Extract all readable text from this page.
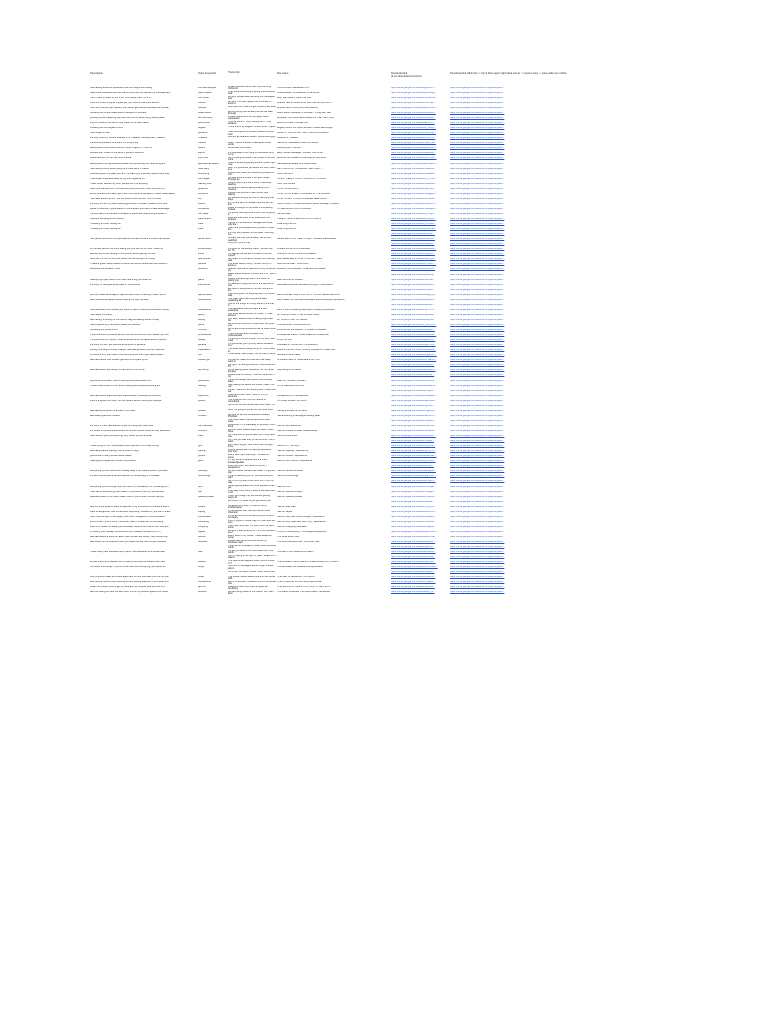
Description	Topic Keywords	Transcript	File name	Download link
(if not download instruction
Download link (click link -> top 3 dots upper right hand corner -> send a copy -> save video on mobile
Tate talking about an expensive coat he bought and flexing	the coat designer	Is bad. Fellows had to ride. Call me King Cobra for	TATE RULES CELEBRATION	https://drive.google.com/file/d/1gqz4i573...	https://drive.google.com/file/d/1Pf0f-ql3pFdoQk4F...
Islams are obsessed with sex that will just help me spread my message and	islam religion	They know everything is going tremendously well	A MESSAGE TO ANDREW TATE FANS	https://drive.google.com/file/d/1lfpx4a9Q8...	https://drive.google.com/file/d/1Pf0f-ql3pFdoQk4F...
I don't want to listen up my shirt, I'm Andrew Tate, I'm a G	shirt duvet	All right, people keep sending me messages and	Way Tate doesn't button his shirt	https://drive.google.com/file/d/1H4B3kx4b...	https://drive.google.com/file/d/1Pf0f-ql3pFdoQk4F...
there's no such thing as a great girl, you have to build you women	women	All right, I've been asked this a minute. Is there a	Andrew Tate on Good Girls, and how can you find h	https://drive.google.com/file/d/1rFvRXq2...	https://drive.google.com/file/d/1Pf0f-ql3pFdoQk4F...
men don't women get married, they either get married because the woman	married	Well men don't want to get married men want Andrew Tate on Why Men Get Married	https://drive.google.com/file/d/1a6nmr3nk...	https://drive.google.com/file/d/1Pf0f-ql3pFdoQk4F...
checking out a new Israel Martin Vanquish 8 Ultimate	Israel Martin	We're moving into actually we did we walk through	Aston Martin Vanquish S Ultimate - V-Log with Tate	https://drive.google.com/file/d/1b0KxeR3...	https://drive.google.com/file/d/1Pf0f-ql3pFdoQk4F...
growing up and realizing that men are not the same thing, adding team	self discovery	Product placement but you guys never experience	BIGGEST MISTAKE MEN MAKE AS THEY GET OLD	https://drive.google.com/file/d/1KKd3hBI...	https://drive.google.com/file/d/1Pf0f-ql3pFdoQk4F...
they've a best prime done, they made her a foam sword	prime done	They've done it. They fucking did it. They deserve	Bend to Pursuit - Female GIF	https://drive.google.com/file/d/1aw6Vt7r...	https://drive.google.com/file/d/1Pf0f-ql3pFdoQk4F...
checking out the Bugatti Chiron	Bugatti	There she is by Bugatti. Chiron sport. It goes Bugatti Chiron Pur Sport Review - Listed Jaw-Droppi	https://drive.google.com/file/d/1xo_BhpQ...	https://drive.google.com/file/d/1Pf0f-ql3pFdoQk4F...
Tate bought a man	girlfriend	I want everyone on should pretend to know man	BUGATTI FUR SPORT SPOTTED IN ROMANIA	https://drive.google.com/file/d/1FS2z8Bb...	https://drive.google.com/file/d/1Pf0f-ql3pFdoQk4F...
the only country I remain solitude in is Thailand, I actually like Thailand	Thailand	Women go beautiful hearts. Sometimes guys Solitude in Thailand	https://drive.google.com/file/d/13HfvVT4...	https://drive.google.com/file/d/1Pf0f-ql3pFdoQk4F...
Celsius temperature is a scam, It's a big thing	Celsius	Okay. That is a waste to talk about those some	CELSIUS TEMPERATURE IS A SCAM	https://drive.google.com/file/d/1Cfjlaz_oa...	https://drive.google.com/file/d/1Pf0f-ql3pFdoQk4F...
talking about how boxers count on their fingers (7, 2 and 5)	boxers	What does this mean?	Counting with Thumbs	https://drive.google.com/file/d/1kBbmP2V...	https://drive.google.com/file/d/1Pf0f-ql3pFdoQk4F...
Andrew and Tristan in the airport, going to Mexcino	airport	It's supposed to be flying to Bucharest Why is my	Early Sunset Massage - Limited Time ONLY	https://drive.google.com/file/d/1RdIk9zqf...	https://drive.google.com/file/d/1Pf0f-ql3pFdoQk4F...
Advertisement for the free mind course	free mind	So I'm going to present the virtues of an free mind	Become the Greatest At Develop an free Mind	https://drive.google.com/file/d/1bxL9YBm...	https://drive.google.com/file/d/1Pf0f-ql3pFdoQk4F...
talking about the generational wealth and protecting the future program	generational wealth	There's something going around Twitter right now	Generational Wealth is a Stupid Goal	https://drive.google.com/file/d/1eRnMwPe...	https://drive.google.com/file/d/1Pf0f-ql3pFdoQk4F...
Tate telling a story about going to a nude party in france	nude party	Well, I'm gonna tell you about the time I went to a	GETTING LOST IN FRENCH SEX PARTY	https://drive.google.com/file/d/1Tu6ks2Kr...	https://drive.google.com/file/d/1Pf0f-ql3pFdoQk4F...
Kickboxing will not make you rich, it'll teach you important lessons and help	kickboxing	People often ask me if kickboxing made me rich	How I Got Rich	https://drive.google.com/file/d/1CkbDkEs...	https://drive.google.com/file/d/1Pf0f-ql3pFdoQk4F...
I had a part underestimated by my first bugatti at 19	first bugatti	So your work and didn't you just bought through go	HOW IT FEELS TO BUY A BUGATTI CHIRON	https://drive.google.com/file/d/1b_lr_VrXa...	https://drive.google.com/file/d/1Pf0f-ql3pFdoQk4F...
I have never wanted my time, people don't do anything	wasting time	I didn't expect you there sorry I was busy dealing	How Time Works	https://drive.google.com/file/d/1Cw9fd3kH...	https://drive.google.com/file/d/1Pf0f-ql3pFdoQk4F...
when you feel like shit, it's a warning that you're life is shit and you're a	pessimist	So almost I started talking exactly from viewers	HOW TO BE HAPPY	https://drive.google.com/file/d/1Qwd6Tcj...	https://drive.google.com/file/d/1Pf0f-ql3pFdoQk4F...
all the problems we have right now in the world is because of mass manipulation	problems	I guess that you don't want prove your beauty	HOW TO FIX EVERY PROBLEM IN THE WORLD	https://drive.google.com/file/d/1mrZqg2p4...	https://drive.google.com/file/d/1Pf0f-ql3pFdoQk4F...
Tate talks about the first "the the desert miss the one" from a movie	top	My favorite song of all time is that song that says	HOW TO GET YOURS IS DEVERSEED BACK	https://drive.google.com/file/d/1xGfr5MRt...	https://drive.google.com/file/d/1Pf0f-ql3pFdoQk4F...
the story of how my sister parking got stolen in london, Naldon is the new	london	In my cars were a mistake they are we run this	How to HACK + STEAL an Aston Martin Vantage - London	https://drive.google.com/file/d/1mM4KqTv...	https://drive.google.com/file/d/1Pf0f-ql3pFdoQk4F...
Dollar is invented, hyperinflation is coming and you have to take advantage	Zimbabwe	Dollar is thought is the dollar is completely fucked	HYPERINFLATION IS COMING	https://drive.google.com/file/d/1HDb9gGu...	https://drive.google.com/file/d/1Pf0f-ql3pFdoQk4F...
I almost died in an accident because a stupid idiot was driving a lerser in	car chase	I'm gonna call Morphius a hero. We're going in	I almost died	https://drive.google.com/file/d/1s_r0Tgr8...	https://drive.google.com/file/d/1Pf0f-ql3pFdoQk4F...
buying a Lamborghini at modern	Lamborghini	Look at email there is an attachment Mr. Andrew	I SPENT HALF A MILLION IN 10 HOURS	https://drive.google.com/file/d/1BufVeQ3...	https://drive.google.com/file/d/1Pf0f-ql3pFdoQk4F...
Travelling to india, having fun	india	I let go in the business manager and what why are	India Vlog Part #1	https://drive.google.com/file/d/1jTnPGsw...	https://drive.google.com/file/d/1Pf0f-ql3pFdoQk4F...
Travelling to india, having fun	india	Yeah, are you pleased with yourself to meet the	India Vlog Part #2	https://drive.google.com/file/d/1p0Ksw4a...	https://drive.google.com/file/d/1Pf0f-ql3pFdoQk4F...
It's only too possible not the least I sobbing me	https://drive.google.com/file/d/1BhzL5m...	https://drive.google.com/file/d/1Pf0f-ql3pFdoQk4F...
I am james bond and I've just watched the last one and it's clear that people	james bond	Actually we now you actually. We've just watched	James Bond - NO TIME TO DIE - HIDDEN MESSAGES	https://drive.google.com/file/d/1emDOl3...	https://drive.google.com/file/d/1Pf0f-ql3pFdoQk4F...
Why don't you to buy	https://drive.google.com/file/d/1dKk2Bn...	https://drive.google.com/file/d/1Pf0f-ql3pFdoQk4F...
for the last person out there telling you you can be rich and I need my	entrepreneur	It's gone for somebody, likely. You are free on. To	JAMES BOND IS IN UKRAINE	https://drive.google.com/file/d/1bdUeGGt...	https://drive.google.com/file/d/1Pf0f-ql3pFdoQk4F...
late and pre exotic talking on the phone, about getting him out	exotic	I'm saying that we are no video to remind myself	JOE EXOTIC AT BOMB PROBLEMS	https://drive.google.com/file/d/16I0Q2Pr...	https://drive.google.com/file/d/1Pf0f-ql3pFdoQk4F...
wow feel I'm not, no one can name me real woman for money	real woman	No, yeah, it's cool about money but. Nobody real	MAN LEARNED & HOW TO AVOID THEM	https://drive.google.com/file/d/1wCBnQd...	https://drive.google.com/file/d/1Pf0f-ql3pFdoQk4F...
I make a great million dollars a month and some people are still trained in	political	You know what's funny? What's funny is I know a	MAKING MONEY VISUS ART	https://drive.google.com/file/d/1R7HbnrH...	https://drive.google.com/file/d/1Pf0f-ql3pFdoQk4F...
reviewing the McLaren 720s	McLaren	Andrew Tate Mirror Welcome to my turned on my	McLaren 720S Review - ONE BIG PROBLEM	https://drive.google.com/file/d/1e1Rm3P...	https://drive.google.com/file/d/1Pf0f-ql3pFdoQk4F...
Make speed whether. 20,000 just on it. We're just	https://drive.google.com/file/d/1aS8Fmq...	https://drive.google.com/file/d/1Pf0f-ql3pFdoQk4F...
making a girl pay have to the man beta thing you could be	game	Money that were gonna on the table I'm giving you	MEN will Pay for Dollars	https://drive.google.com/file/d/1rb0z5Sk...	https://drive.google.com/file/d/1Pf0f-ql3pFdoQk4F...
the story of Tate getting arrested in Transnistria	transnistria	I'm talking to a guy fat hell of the day and in rest	Millionaire kickboxer arrested at a spy in Transnistria	https://drive.google.com/file/d/1IdaS3hZ...	https://drive.google.com/file/d/1Pf0f-ql3pFdoQk4F...
We seen it being two of the four corners of the	https://drive.google.com/file/d/1PeQ4lA...	https://drive.google.com/file/d/1Pf0f-ql3pFdoQk4F...
you don't take advantage of opportunities, and I'm willing to teach you a	opportunities	Hello everyone. It's amazing with my coffee. I was	MILLIONAIRE TELLS YOU WHY YOU'LL NEVER BE RICH	https://drive.google.com/file/d/1L3ajyu_lq...	https://drive.google.com/file/d/1Pf0f-ql3pFdoQk4F...
tate motivational speech about having the right mindset	motivational	The main ones that bring about easy regarding all	Mind Hacks for Unlimited Motivation and Destroying Depression	https://drive.google.com/file/d/1ul3xGpG...	https://drive.google.com/file/d/1Pf0f-ql3pFdoQk4F...
One of the things it's funny about is but that is	https://drive.google.com/file/d/1dM2s0b...	https://drive.google.com/file/d/1Pf0f-ql3pFdoQk4F...
Tate discusses the mindset you need to have to become successful, being	motivational	The templates that you want are two examples	Mind Tricks to Beating Depression & Being Successful	https://drive.google.com/file/d/1Se7PTro...	https://drive.google.com/file/d/1Pf0f-ql3pFdoQk4F...
Tate reads the poetry	poetry	You know almost whoso on those "If I was about a	Mr. Poetry to Bliss - How to Write Poetry	https://drive.google.com/file/d/1bg6Ua80...	https://drive.google.com/file/d/1Pf0f-ql3pFdoQk4F...
tate flexing, throwing off his custom bag and talking about his day	flexing	You won't believe what is taking nightmare. So	MY WORST DAY IN YEARS	https://drive.google.com/file/d/1pFe0yJ4...	https://drive.google.com/file/d/1Pf0f-ql3pFdoQk4F...
Tate explains why the police raided his mansion	police	Let's just do a little bit of work with this yeah you	POLICE RAID TATE MANSION	https://drive.google.com/file/d/1_9cFmVn...	https://drive.google.com/file/d/1Pf0f-ql3pFdoQk4F...
reviewing the porsche 911	Porsche	We're gonna do something we've never done on	Porsche 911 RS Review - A HUGE PROBLEM	https://drive.google.com/file/d/1l4NfwLX...	https://drive.google.com/file/d/1Pf0f-ql3pFdoQk4F...
if you become a professional your life will become so much easier, join RG	professional	There's a difference between film professionals	Professional Killers - What Makes a Professional	https://drive.google.com/file/d/1MxLp2Dk...	https://drive.google.com/file/d/1Pf0f-ql3pFdoQk4F...
I'm gonna correct myself, I was an athlete and I've talked about it before	budget	I'm going to correct myself. It's not very often I say	Proof Per Car	https://drive.google.com/file/d/1gsdv-nm...	https://drive.google.com/file/d/1Pf0f-ql3pFdoQk4F...
the story of how I got referred at gunpoint in jamaica	jamaica	I'm gonna tell you my story about Jamaica. I've	ROBBED AT GUNPOINT IN JAMAICA	https://drive.google.com/file/d/1cgsCTz4...	https://drive.google.com/file/d/1Pf0f-ql3pFdoQk4F...
flexing, showing off luxury lifestyle, tate talking about how the rules are	cuadrilatero	You know what's really funny is? I don't want to	Rules of the Rich Poor - Luxury Lifestyle & Private Jets	https://drive.google.com/file/d/1KrFaU1w...	https://drive.google.com/file/d/1Pf0f-ql3pFdoQk4F...
to become rich, you need to surround yourself with high value people	rich	I think what I was today. I do so much money Secrets to Blink Value	https://drive.google.com/file/d/1MhgkU5H...	https://drive.google.com/file/d/1Pf0f-ql3pFdoQk4F...
tate talks about how shower gels are a complete rip off	shower gel	It's hard to make the business that really want to	SHOWER GEL IS TERRIBLE FOR YOU	https://drive.google.com/file/d/1DVTaeV3...	https://drive.google.com/file/d/1Pf0f-ql3pFdoQk4F...
Do right, I'm acting a little bit. I feel a little bit. It's	https://drive.google.com/file/d/1A0e8Ld...	https://drive.google.com/file/d/1Pf0f-ql3pFdoQk4F...
tate talks about sky diving, it's and and it's for nerds	sky diving	We're talking about skydiving. So I've never jumped	Sky Diving is for Nerds	https://drive.google.com/file/d/1kRuhL0J...	https://drive.google.com/file/d/1Pf0f-ql3pFdoQk4F...
Spoke! Want a money. I cannot remember if my	https://drive.google.com/file/d/1Sr2hQk...	https://drive.google.com/file/d/1Pf0f-ql3pFdoQk4F...
sportsman is a scam, there's nothing admirable about him	sportsman	If you fear always and never loss a buddy when	Stan NO HONEST MONEY	https://drive.google.com/file/d/1xpPbL1q...	https://drive.google.com/file/d/1Pf0f-ql3pFdoQk4F...
I never read books, it's for nerds, reading and doing something are	reading	Stop asking me about the books I read. I do not	STOP READING BOOKS	https://drive.google.com/file/d/1aZ2qMPq...	https://drive.google.com/file/d/1Pf0f-ql3pFdoQk4F...
I write. I used to ride motorcycles. I have new car	https://drive.google.com/file/d/1kV7gZm...	https://drive.google.com/file/d/1Pf0f-ql3pFdoQk4F...
tate talks about superman and superheroes, reviewing the different	superman	I want a bit that I love. I love it. It's my favourite	SUPERMAN VS SUPERCAR	https://drive.google.com/file/d/1RN9a0Eu...	https://drive.google.com/file/d/1Pf0f-ql3pFdoQk4F...
there's a system on room. So the system what is wrong with people	system	The small of both I did not realize or something	SYSTEM SOME TOO RICH	https://drive.google.com/file/d/1wg4Ud0e...	https://drive.google.com/file/d/1Pf0f-ql3pFdoQk4F...
Not to be too wild Smells like Oreo hotel. I'm	https://drive.google.com/file/d/1hQ2vRb...	https://drive.google.com/file/d/1Pf0f-ql3pFdoQk4F...
tate talking a shower on a plane, first class	shower	Now. I'm going to the as out the drive soon	Taking a Shower on a Plane	https://drive.google.com/file/d/1Pzqpw0m...	https://drive.google.com/file/d/1Pf0f-ql3pFdoQk4F...
tate walking around monaco	monaco	All right so we are somewhere between Physical	Tate Exploring Champagne Getting Beat	https://drive.google.com/file/d/1hRDnvXr...	https://drive.google.com/file/d/1Pf0f-ql3pFdoQk4F...
You know better than anyone who owns Lake	https://drive.google.com/file/d/1mG4pZx...	https://drive.google.com/file/d/1Pf0f-ql3pFdoQk4F...
the story of how Tate wanted to get rich using slot machines	slot machines	Whenever I'm in Mandalay or Remedy I don't think	Tate on Slot Machines	https://drive.google.com/file/d/1oFwKb3v...	https://drive.google.com/file/d/1Pf0f-ql3pFdoQk4F...
it's meant for brothers and sisters to be best friends, what do they talk about	brothers	Brother sister relationships are weird. Now I have	Tate on Brother & Sister Relationships	https://drive.google.com/file/d/1HkPqvoR...	https://drive.google.com/file/d/1Pf0f-ql3pFdoQk4F...
coke doesn't give you anything, why would you drink coke?	coke	Oh I only with in gonna take this. I only need one	Tate on Coca Cola	https://drive.google.com/file/d/13xkWrPL...	https://drive.google.com/file/d/1Pf0f-ql3pFdoQk4F...
Oh, I tell you well they on all the time. I don't want	https://drive.google.com/file/d/1Tf6kMp...	https://drive.google.com/file/d/1Pf0f-ql3pFdoQk4F...
I hate the gym, but I understand how important it is to stay strong	gym	Don't like the gym, and I don't like the gym there	Tate on Fi - The Gym	https://drive.google.com/file/d/1BxQvfnk...	https://drive.google.com/file/d/1Pf0f-ql3pFdoQk4F...
tate talking about fighting, how to learn to fight	fighting	A lot of people ask me fighting questions. And they	Tate on Fighting - Episode #9	https://drive.google.com/file/d/1QnHiy7u...	https://drive.google.com/file/d/1Pf0f-ql3pFdoQk4F...
ghosts aren't real, just like santa clause	ghosts	Every time I go meet a girl. I ended him some	Tate on Ghosts - Episode #8	https://drive.google.com/file/d/1eMwcSk4...	https://drive.google.com/file/d/1Pf0f-ql3pFdoQk4F...
making guns illegal won't solve the problem	guns	Or. My name is splatter and the most knowledgeable	Tate on Gun Control - Episode #2	https://drive.google.com/file/d/1yP9Sv1k...	https://drive.google.com/file/d/1Pf0f-ql3pFdoQk4F...
From the CDC. My name is Cocoa. I designed a	https://drive.google.com/file/d/1LcH8Vr...	https://drive.google.com/file/d/1Pf0f-ql3pFdoQk4F...
everything you do should be mentally easy if you wanna prove to yourself	mentality	Do you realize humans are weak. I'm gonna say	Tate on Mental Fortitude	https://drive.google.com/file/d/1ekpEQv8...	https://drive.google.com/file/d/1Pf0f-ql3pFdoQk4F...
the fact that anyone at all still believes in numerology is a mistake	numerology	If you're following me on YouTube and you don't	Tate on Numerology	https://drive.google.com/file/d/1uRyTc5m...	https://drive.google.com/file/d/1Pf0f-ql3pFdoQk4F...
So I'm on my way home now. So I'm on my way	https://drive.google.com/file/d/1Wc3qFm...	https://drive.google.com/file/d/1Pf0f-ql3pFdoQk4F...
everything you do will get with the moon, no meditation, no, including porn	porn	I keep getting asked the most popular email I get	Tate on Porn	https://drive.google.com/file/d/1s7Z9nqE...	https://drive.google.com/file/d/1Pf0f-ql3pFdoQk4F...
I like salt on everything, even water, if you want to be a G, eat salt and	salt	In a really short story, I used to eat salt when I can	Tate on Salt and Pepper	https://drive.google.com/file/d/1n1vGqj4...	https://drive.google.com/file/d/1Pf0f-ql3pFdoQk4F...
sparkling water is not man's water, even if you're such a drink that you	sparkling water	I can't go through my life without getting angry at	Tate on Sparkling Water	https://drive.google.com/file/d/1RTLwoJ3...	https://drive.google.com/file/d/1Pf0f-ql3pFdoQk4F...
Me cloud, I'm skies of just gonna be that	https://drive.google.com/file/d/1N4eXaP...	https://drive.google.com/file/d/1Pf0f-ql3pFdoQk4F...
why the truck wouldn't want to keep all of my shit sexist on someone else's	subject	So about the cloud. I'm tired of every motherfucker	Tate on Stay Mad	https://drive.google.com/file/d/1Y2u_dKv...	https://drive.google.com/file/d/1Pf0f-ql3pFdoQk4F...
vape is dangerous, how is that even surprising? Breathe in, you don't inhale	vaping	If you believe that, that you eat all those chemical	Tate on Vapes	https://drive.google.com/file/d/1Ktw1CCu...	https://drive.google.com/file/d/1Pf0f-ql3pFdoQk4F...
men must conquer to be happy, men aren't designed to be comfortable	comfortable	It's so at mind how the lad how you come to be happy	Tate on Why Men Must Conquer - Episode #7	https://drive.google.com/file/d/1eVw9BFc...	https://drive.google.com/file/d/1Pf0f-ql3pFdoQk4F...
fruit isn't as nry as it more, the whole mark of a real man is controlling	controlling	A lot of guys on Twitter say, oh, real man are very	Tate on Why Real Men Don't Cry - Episode #8	https://drive.google.com/file/d/1KxRsv02...	https://drive.google.com/file/d/1Pf0f-ql3pFdoQk4F...
there's no reason to swap your suitcases, anyone who owns their own jets	shopping	I don't like very well. I'm sure. And I've been know	Tate on Shopping Suitcases	https://drive.google.com/file/d/1ZxCgB4s...	https://drive.google.com/file/d/1Pf0f-ql3pFdoQk4F...
in society, you'll always be fined and you'll always be able to fit in if	bugatti	All right. I was recently on TV in the middle of ever	The Art of Everything - The Bugatti Experience	https://drive.google.com/file/d/1qN1mCqm...	https://drive.google.com/file/d/1Pf0f-ql3pFdoQk4F...
tate talks about a book he read in jail, women are stupid, they should only	women	Every work in my house, I have weapons, some	The Book Book Over!	https://drive.google.com/file/d/1dZf0VcxE...	https://drive.google.com/file/d/1Pf0f-ql3pFdoQk4F...
tate shows off his business card, yet make the last room to get business	business	People ask me all the time about my business card	The Best Business Card You'll Ever See	https://drive.google.com/file/d/1teKkPn8...	https://drive.google.com/file/d/1Pf0f-ql3pFdoQk4F...
I look like an inspiration unlike other business cards	https://drive.google.com/file/d/1Qr8ZnX...	https://drive.google.com/file/d/1Pf0f-ql3pFdoQk4F...
I have many cars because they're aren't individualized to a certain task	cars	He tell you what's the most clean car in the world	The BEST Car Collection on Earth	https://drive.google.com/file/d/1eRrwbq5...	https://drive.google.com/file/d/1Pf0f-ql3pFdoQk4F...
Oh, I'm going to be sign in. Rain I swear so it wasn't	https://drive.google.com/file/d/1Bp2cWq...	https://drive.google.com/file/d/1Pf0f-ql3pFdoQk4F...
all that follow your passion shit is bullshit and science believe them and	passion	You have what happens when you're a wow G T	THE BIGGEST MISTAKE RICH MEN MAKE WITH GIRLS	https://drive.google.com/file/d/1d0jPJmK...	https://drive.google.com/file/d/1Pf0f-ql3pFdoQk4F...
I've never tried drugs, if you're a real man and everything, you better be	drugs	I get lots of messages about drugs. People say is	The DANGERS of Adderall and Ayahuasca	https://drive.google.com/file/d/1Kbhb-hMm...	https://drive.google.com/file/d/1Pf0f-ql3pFdoQk4F...
Is my life I've never smoke. never even tried	https://drive.google.com/file/d/1Hw2kLs...	https://drive.google.com/file/d/1Pf0f-ql3pFdoQk4F...
they're gonna make you broke again and no one can save you but me, join	broke	The system wants slaves some of this works with	THE FED IS SENDING YOU BACK	https://drive.google.com/file/d/1xrG8cHs...	https://drive.google.com/file/d/1Pf0f-ql3pFdoQk4F...
tate being a meme, start working out and paying attention to you what you	motivational	Merry Christmas. I decided to do a Christmas one	THE HUSBAND CHRISTMAS MESSAGE	https://drive.google.com/file/d/1bYd4pv3...	https://drive.google.com/file/d/1Pf0f-ql3pFdoQk4F...
email me to learn how to get rich and join my network and become a G	get rich	Imagine a man who owns a castle we obviously	THE MAN WHO TELLS YOU HOW TO GET RICH	https://drive.google.com/file/d/1f5ZcR3v...	https://drive.google.com/file/d/1Pf0f-ql3pFdoQk4F...
tate promoting RU and the war more, this is my rebelion against the mass	rebelion	We are living inside of the matrix, but I can't kind	The Matrix Predicted The Great Reset - Explained	https://drive.google.com/file/d/1eGLn_a...	https://drive.google.com/file/d/1Pf0f-ql3pFdoQk4F...
